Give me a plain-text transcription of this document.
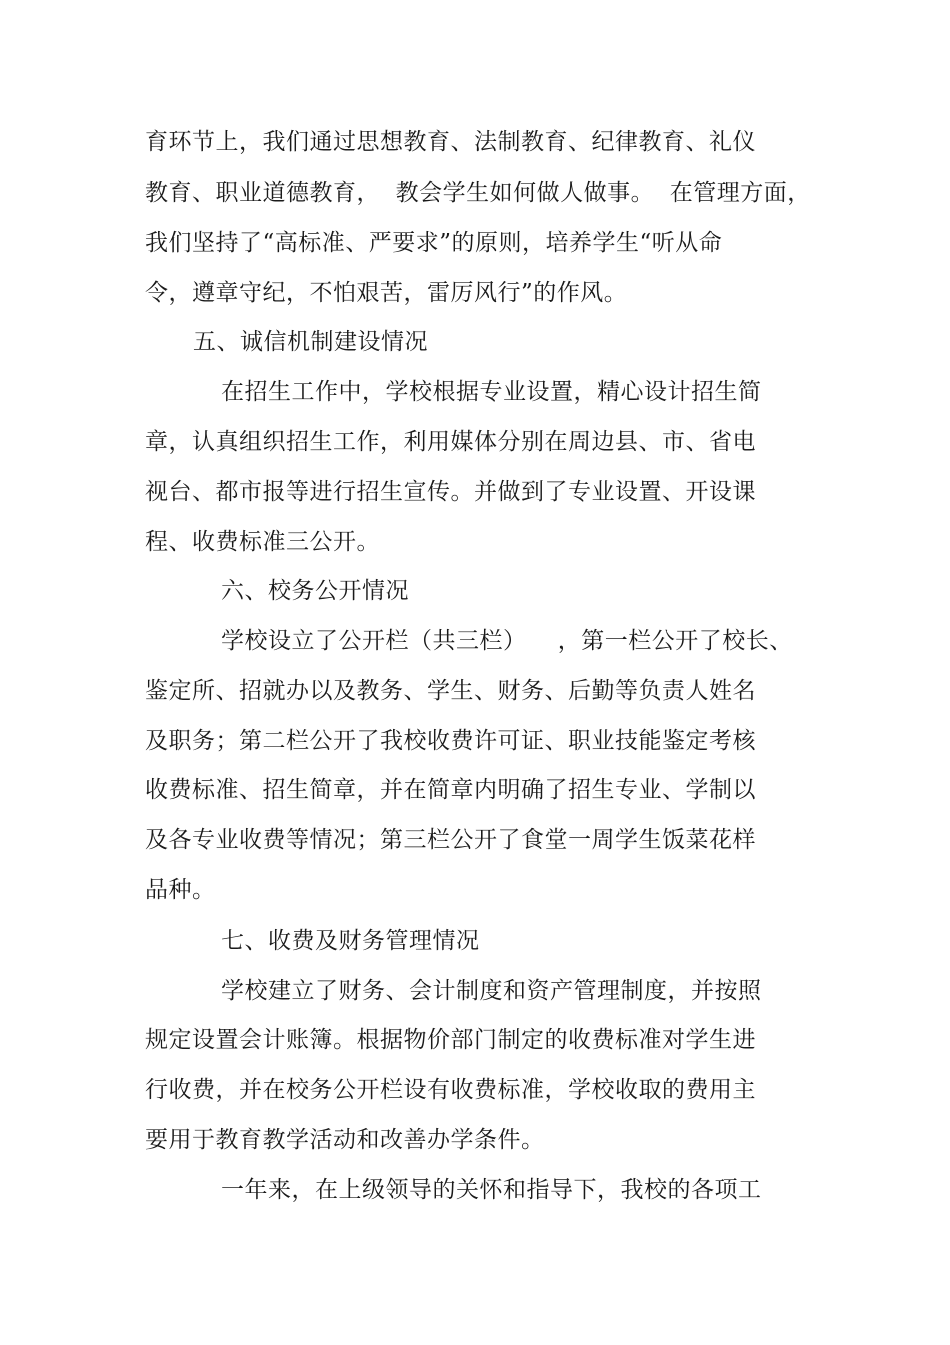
育环节上，我们通过思想教育、法制教育、纪律教育、礼仪
教育、职业道德教育，  教会学生如何做人做事。  在管理方面，
我们坚持了“高标准、严要求”的原则，培养学生“听从命
令，遵章守纪，不怕艰苦，雷厉风行”的作风。
五、诚信机制建设情况
在招生工作中，学校根据专业设置，精心设计招生简
章，认真组织招生工作，利用媒体分别在周边县、市、省电
视台、都市报等进行招生宣传。并做到了专业设置、开设课
程、收费标准三公开。
六、校务公开情况
学校设立了公开栏（共三栏）    ，第一栏公开了校长、
鉴定所、招就办以及教务、学生、财务、后勤等负责人姓名
及职务；第二栏公开了我校收费许可证、职业技能鉴定考核
收费标准、招生简章，并在简章内明确了招生专业、学制以
及各专业收费等情况；第三栏公开了食堂一周学生饭菜花样
品种。
七、收费及财务管理情况
学校建立了财务、会计制度和资产管理制度，并按照
规定设置会计账簿。根据物价部门制定的收费标准对学生进
行收费，并在校务公开栏设有收费标准，学校收取的费用主
要用于教育教学活动和改善办学条件。
一年来，在上级领导的关怀和指导下，我校的各项工
